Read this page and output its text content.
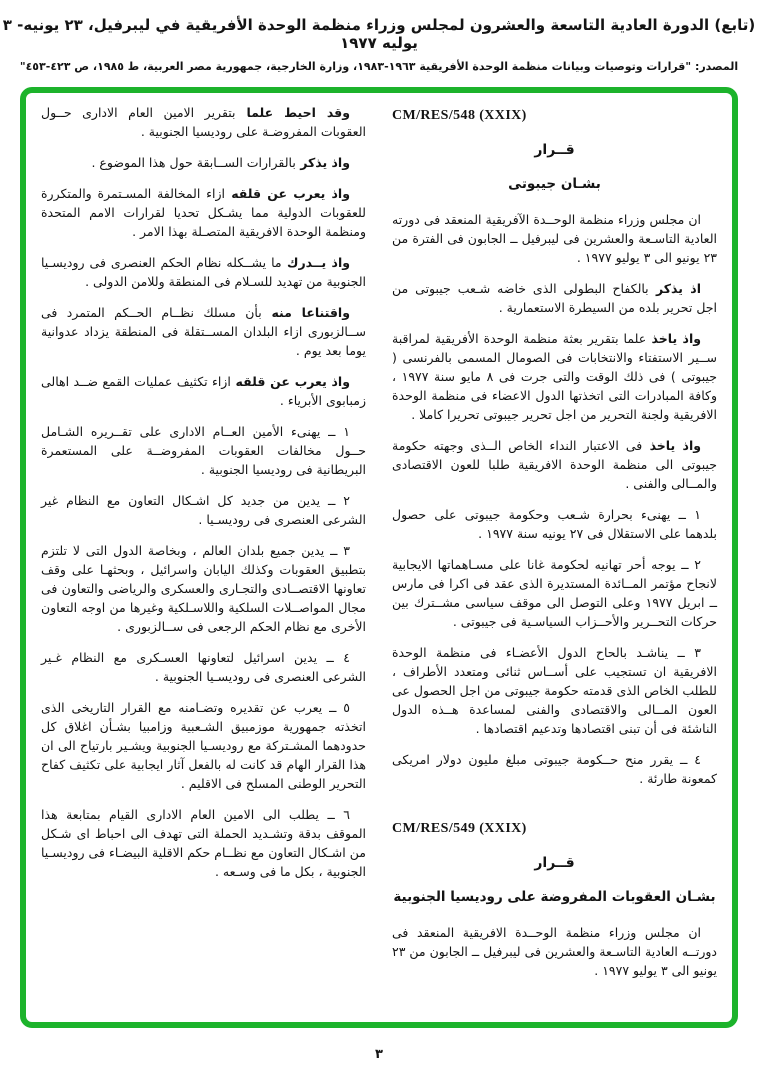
(تابع) الدورة العادية التاسعة والعشرون لمجلس وزراء منظمة الوحدة الأفريقية في ليبرفيل، ٢٣ يونيه- ٣ يوليه ١٩٧٧
المصدر: "قرارات وتوصيات وبيانات منظمة الوحدة الأفريقية ١٩٦٣-١٩٨٣، وزارة الخارجية، جمهورية مصر العربية، ط ١٩٨٥، ص ٤٢٣-٤٥٣"
CM/RES/548 (XXIX)
قــرار
بشـان جيبوتى

ان مجلس وزراء منظمة الوحــدة الآفريقية المنعقد فى دورته العادية التاسـعة والعشرين فى ليبرفيل ــ الجابون فى الفترة من ٢٣ يونيو الى ٣ يوليو ١٩٧٧ .

اذ يذكر بالكفاح البطولى الذى خاضه شـعب جيبوتى من اجل تحرير بلده من السيطرة الاستعمارية .

واذ ياخذ علما بتقرير بعثة منظمة الوحدة الأفريقية لمراقبة ســير الاستفتاء والانتخابات فى الصومال المسمى بالفرنسى ( جيبوتى ) فى ذلك الوقت والتى جرت فى ٨ مايو سنة ١٩٧٧ ، وكافة المبادرات التى اتخذتها الدول الاعضاء فى منظمة الوحدة الافريقية ولجنة التحرير من اجل تحرير جيبوتى تحريرا كاملا .

واذ ياخذ فى الاعتبار النداء الخاص الــذى وجهته حكومة جيبوتى الى منظمة الوحدة الافريقية طلبا للعون الاقتصادى والمــالى والفنى .

١ ــ يهنىء بحرارة شـعب وحكومة جيبوتى على حصول بلدهما على الاستقلال فى ٢٧ يونيه سنة ١٩٧٧ .

٢ ــ يوجه أحر تهانيه لحكومة غانا على مسـاهماتها الايجابية لانجاح مؤتمر المــائدة المستديرة الذى عقد فى اكرا فى مارس ــ ابريل ١٩٧٧ وعلى التوصل الى موقف سياسى مشــترك بين حركات التحــرير والأحــزاب السياسـية فى جيبوتى .

٣ ــ يناشـد بالحاح الدول الأعضـاء فى منظمة الوحدة الافريقية ان تستجيب على أســاس ثنائى ومتعدد الأطراف ، للطلب الخاص الذى قدمته حكومة جيبوتى من اجل الحصول عى العون المــالى والاقتصادى والفنى لمساعدة هــذه الدول الناشئة فى أن تبنى اقتصادها وتدعيم اقتصادها .

٤ ــ يقرر منح حــكومة جيبوتى مبلغ مليون دولار امريكى كمعونة طارئة .

CM/RES/549 (XXIX)
قــرار
بشـان العقوبات المفروضة على روديسيا الجنوبية

ان مجلس وزراء منظمة الوحــدة الافريقية المنعقد فى دورتــه العادية التاسـعة والعشرين فى ليبرفيل ــ الجابون من ٢٣ يونيو الى ٣ يوليو ١٩٧٧ .

وقد احيط علما بتقرير الامين العام الادارى حــول العقوبات المفروضـة على روديسيا الجنوبية .

واذ يذكر بالقرارات الســابقة حول هذا الموضوع .

واذ يعرب عن قلقه ازاء المخالفة المسـتمرة والمتكررة للعقوبات الدولية مما يشـكل تحديا لقرارات الامم المتحدة ومنظمة الوحدة الافريقية المتصـلة بهذا الامر .

واذ يــدرك ما يشــكله نظام الحكم العنصرى فى روديسـيا الجنوبية من تهديد للسـلام فى المنطقة وللامن الدولى .

واقتناعا منه بأن مسلك نظــام الحــكم المتمرد فى ســالزبورى ازاء البلدان المســتقلة فى المنطقة يزداد عدوانية يوما بعد يوم .

واذ يعرب عن قلقه ازاء تكثيف عمليات القمع ضــد اهالى زمبابوى الأبرياء .

١ ــ يهنىء الأمين العــام الادارى على تقــريره الشـامل حــول مخالفات العقوبات المفروضــة على المستعمرة البريطانية فى روديسيا الجنوبية .

٢ ــ يدين من جديد كل اشـكال التعاون مع النظام غير الشرعى العنصرى فى روديسـيا .

٣ ــ يدين جميع بلدان العالم ، وبخاصة الدول التى لا تلتزم بتطبيق العقوبات وكذلك اليابان واسرائيل ، وبحثهـا على وقف تعاونها الاقتصــادى والتجـارى والعسكرى والرياضى والتعاون فى مجال المواصــلات السلكية واللاسـلكية وغيرها من اوجه التعاون الأخرى مع نظام الحكم الرجعى فى ســالزبورى .

٤ ــ يدين اسرائيل لتعاونها العسـكرى مع النظام غـير الشرعى العنصرى فى روديسـيا الجنوبية .

٥ ــ يعرب عن تقديره وتضـامنه مع القرار التاريخى الذى اتخذته جمهورية موزمبيق الشـعبية وزامبيا بشـأن اغلاق كل حدودهما المشـتركة مع روديسـيا الجنوبية ويشـير بارتياح الى ان هذا القرار الهام قد كانت له بالفعل آثار ايجابية على تكثيف كفاح التحرير الوطنى المسلح فى الاقليم .

٦ ــ يطلب الى الامين العام الادارى القيام بمتابعة هذا الموقف بدقة وتشـديد الحملة التى تهدف الى احباط اى شـكل من اشـكال التعاون مع نظــام حكم الاقلية البيضـاء فى روديسـيا الجنوبية ، بكل ما فى وسـعه .

٣
